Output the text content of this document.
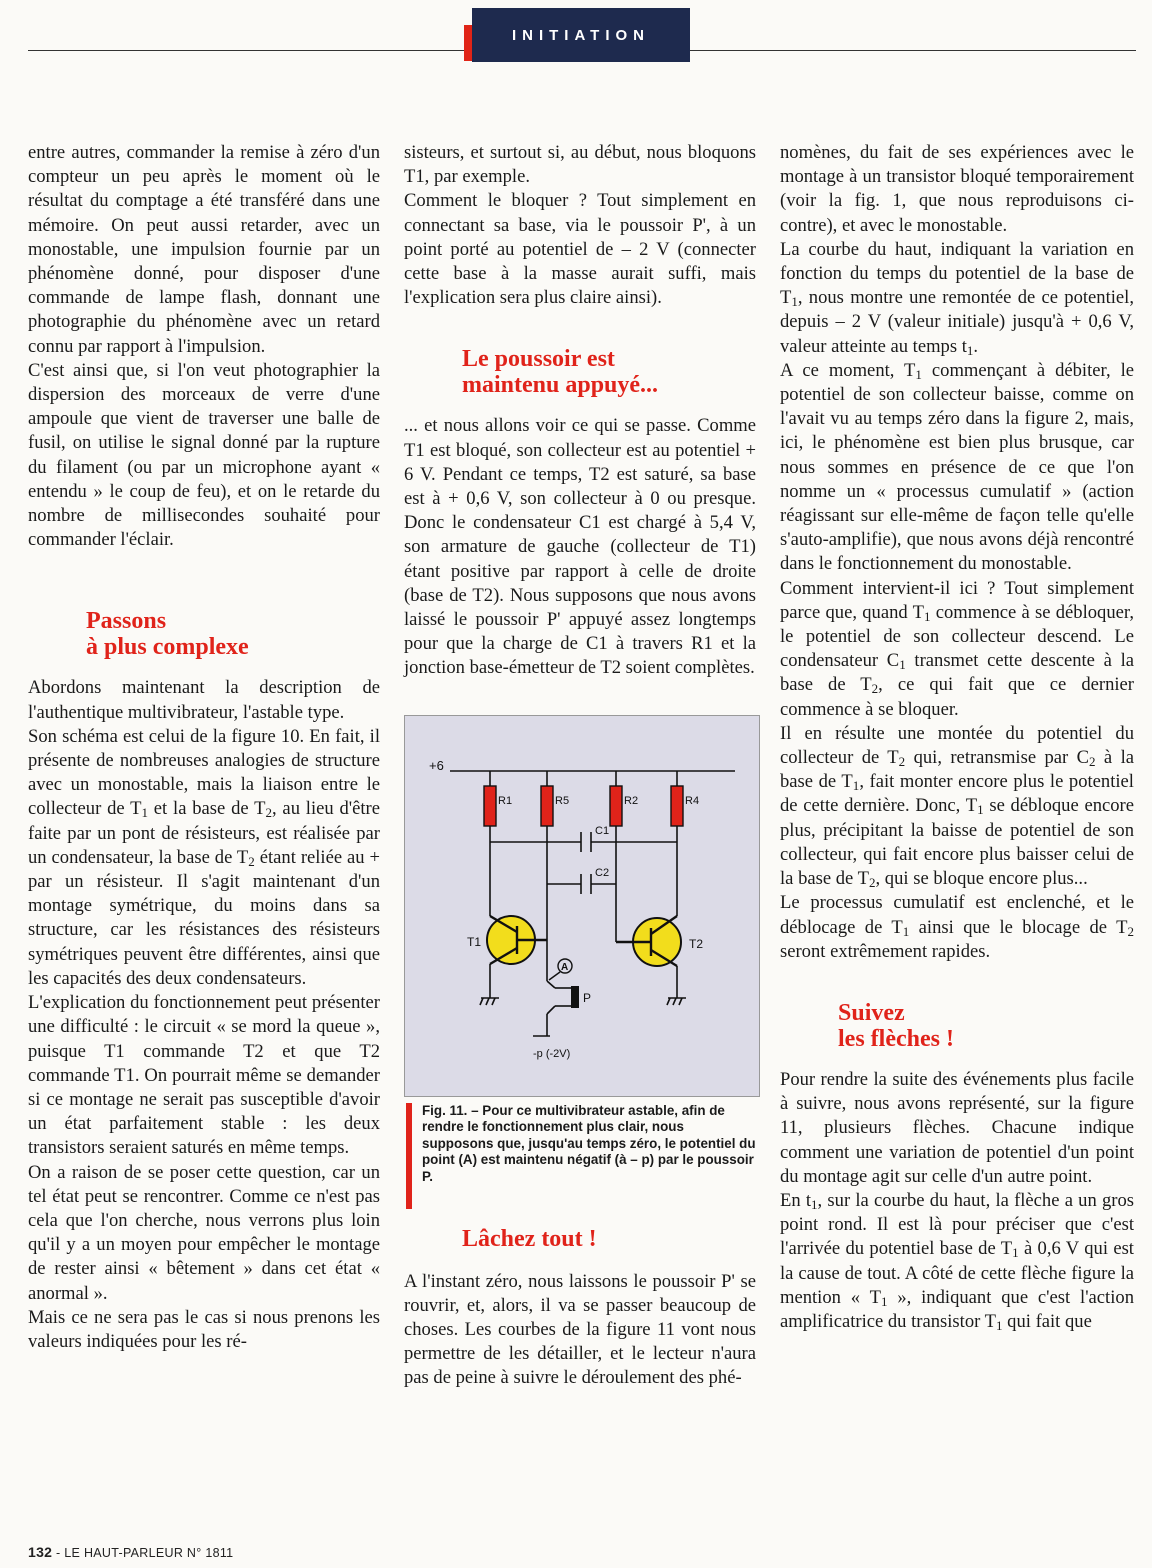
INITIATION

entre autres, commander la remise à zéro d'un compteur un peu après le moment où le résultat du comptage a été transféré dans une mémoire. On peut aussi retarder, avec un monostable, une impulsion fournie par un phénomène donné, pour disposer d'une commande de lampe flash, donnant une photographie du phénomène avec un retard connu par rapport à l'impulsion.

C'est ainsi que, si l'on veut photographier la dispersion des morceaux de verre d'une ampoule que vient de traverser une balle de fusil, on utilise le signal donné par la rupture du filament (ou par un microphone ayant « entendu » le coup de feu), et on le retarde du nombre de millisecondes souhaité pour commander l'éclair.

Passons
à plus complexe

Abordons maintenant la description de l'authentique multivibrateur, l'astable type.

Son schéma est celui de la figure 10. En fait, il présente de nombreuses analogies de structure avec un monostable, mais la liaison entre le collecteur de $T_1$ et la base de $T_2$, au lieu d'être faite par un pont de résisteurs, est réalisée par un condensateur, la base de $T_2$ étant reliée au + par un résisteur. Il s'agit maintenant d'un montage symétrique, du moins dans sa structure, car les résistances des résisteurs symétriques peuvent être différentes, ainsi que les capacités des deux condensateurs.

L'explication du fonctionnement peut présenter une difficulté : le circuit « se mord la queue », puisque T1 commande T2 et que T2 commande T1. On pourrait même se demander si ce montage ne serait pas susceptible d'avoir un état parfaitement stable : les deux transistors seraient saturés en même temps.

On a raison de se poser cette question, car un tel état peut se rencontrer. Comme ce n'est pas cela que l'on cherche, nous verrons plus loin qu'il y a un moyen pour empêcher le montage de rester ainsi « bêtement » dans cet état « anormal ».

Mais ce ne sera pas le cas si nous prenons les valeurs indiquées pour les ré-

sisteurs, et surtout si, au début, nous bloquons T1, par exemple.

Comment le bloquer ? Tout simplement en connectant sa base, via le poussoir P', à un point porté au potentiel de – 2 V (connecter cette base à la masse aurait suffi, mais l'explication sera plus claire ainsi).

Le poussoir est
maintenu appuyé...

... et nous allons voir ce qui se passe. Comme T1 est bloqué, son collecteur est au potentiel + 6 V. Pendant ce temps, T2 est saturé, sa base est à + 0,6 V, son collecteur à 0 ou presque. Donc le condensateur C1 est chargé à 5,4 V, son armature de gauche (collecteur de T1) étant positive par rapport à celle de droite (base de T2). Nous supposons que nous avons laissé le poussoir P' appuyé assez longtemps pour que la charge de C1 à travers R1 et la jonction base-émetteur de T2 soient complètes.

+6
R1	R5	R2	R4
C1
C2
T1	T2
A
P
-p (-2V)
Fig. 11. – Pour ce multivibrateur astable, afin de rendre le fonctionnement plus clair, nous supposons que, jusqu'au temps zéro, le potentiel du point (A) est maintenu négatif (à – p) par le poussoir P.

Lâchez tout !

A l'instant zéro, nous laissons le poussoir P' se rouvrir, et, alors, il va se passer beaucoup de choses. Les courbes de la figure 11 vont nous permettre de les détailler, et le lecteur n'aura pas de peine à suivre le déroulement des phé-

nomènes, du fait de ses expériences avec le montage à un transistor bloqué temporairement (voir la fig. 1, que nous reproduisons ci-contre), et avec le monostable.

La courbe du haut, indiquant la variation en fonction du temps du potentiel de la base de $T_1$, nous montre une remontée de ce potentiel, depuis – 2 V (valeur initiale) jusqu'à + 0,6 V, valeur atteinte au temps $t_1$.

A ce moment, $T_1$ commençant à débiter, le potentiel de son collecteur baisse, comme on l'avait vu au temps zéro dans la figure 2, mais, ici, le phénomène est bien plus brusque, car nous sommes en présence de ce que l'on nomme un « processus cumulatif » (action réagissant sur elle-même de façon telle qu'elle s'auto-amplifie), que nous avons déjà rencontré dans le fonctionnement du monostable.

Comment intervient-il ici ? Tout simplement parce que, quand $T_1$ commence à se débloquer, le potentiel de son collecteur descend. Le condensateur $C_1$ transmet cette descente à la base de $T_2$, ce qui fait que ce dernier commence à se bloquer.

Il en résulte une montée du potentiel du collecteur de $T_2$ qui, retransmise par $C_2$ à la base de $T_1$, fait monter encore plus le potentiel de cette dernière. Donc, $T_1$ se débloque encore plus, précipitant la baisse de potentiel de son collecteur, qui fait encore plus baisser celui de la base de $T_2$, qui se bloque encore plus...

Le processus cumulatif est enclenché, et le déblocage de $T_1$ ainsi que le blocage de $T_2$ seront extrêmement rapides.

Suivez
les flèches !

Pour rendre la suite des événements plus facile à suivre, nous avons représenté, sur la figure 11, plusieurs flèches. Chacune indique comment une variation de potentiel d'un point du montage agit sur celle d'un autre point.

En $t_1$, sur la courbe du haut, la flèche a un gros point rond. Il est là pour préciser que c'est l'arrivée du potentiel base de $T_1$ à 0,6 V qui est la cause de tout. A côté de cette flèche figure la mention « $T_1$ », indiquant que c'est l'action amplificatrice du transistor $T_1$ qui fait que

132 - LE HAUT-PARLEUR N° 1811
